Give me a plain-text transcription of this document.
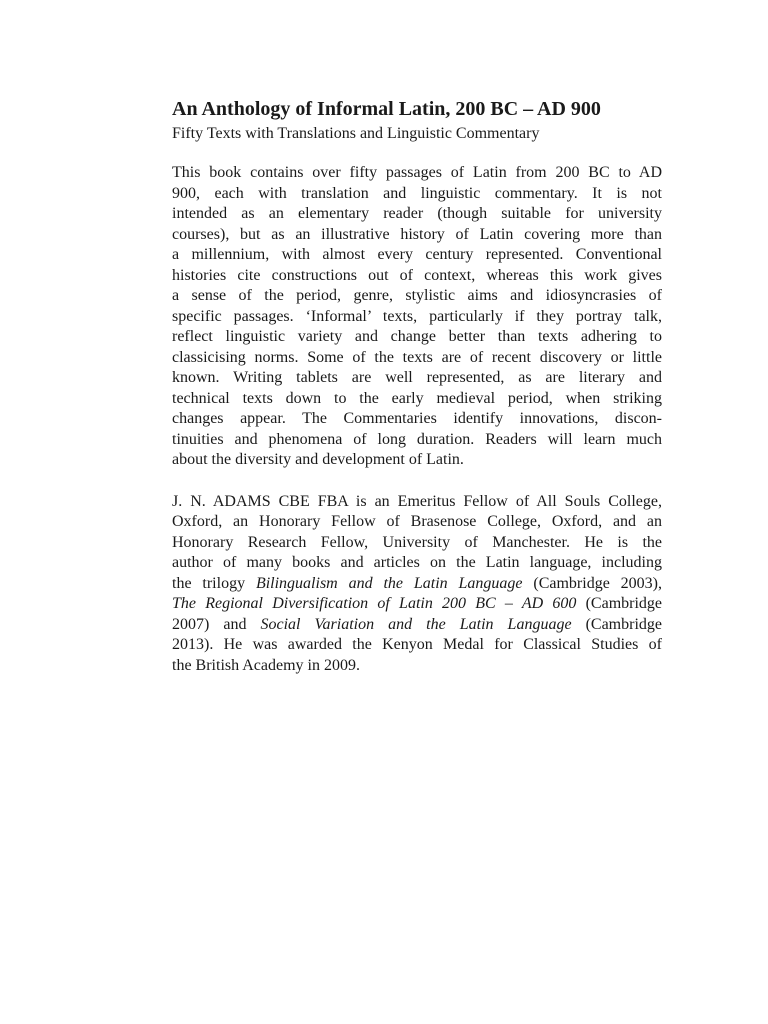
An Anthology of Informal Latin, 200 BC – AD 900
Fifty Texts with Translations and Linguistic Commentary
This book contains over fifty passages of Latin from 200 BC to AD
900, each with translation and linguistic commentary. It is not
intended as an elementary reader (though suitable for university
courses), but as an illustrative history of Latin covering more than
a millennium, with almost every century represented. Conventional
histories cite constructions out of context, whereas this work gives
a sense of the period, genre, stylistic aims and idiosyncrasies of
specific passages. ‘Informal’ texts, particularly if they portray talk,
reflect linguistic variety and change better than texts adhering to
classicising norms. Some of the texts are of recent discovery or little
known. Writing tablets are well represented, as are literary and
technical texts down to the early medieval period, when striking
changes appear. The Commentaries identify innovations, discon-
tinuities and phenomena of long duration. Readers will learn much
about the diversity and development of Latin.
J. N. ADAMS CBE FBA is an Emeritus Fellow of All Souls College,
Oxford, an Honorary Fellow of Brasenose College, Oxford, and an
Honorary Research Fellow, University of Manchester. He is the
author of many books and articles on the Latin language, including
the trilogy Bilingualism and the Latin Language (Cambridge 2003),
The Regional Diversification of Latin 200 BC – AD 600 (Cambridge
2007) and Social Variation and the Latin Language (Cambridge
2013). He was awarded the Kenyon Medal for Classical Studies of
the British Academy in 2009.
